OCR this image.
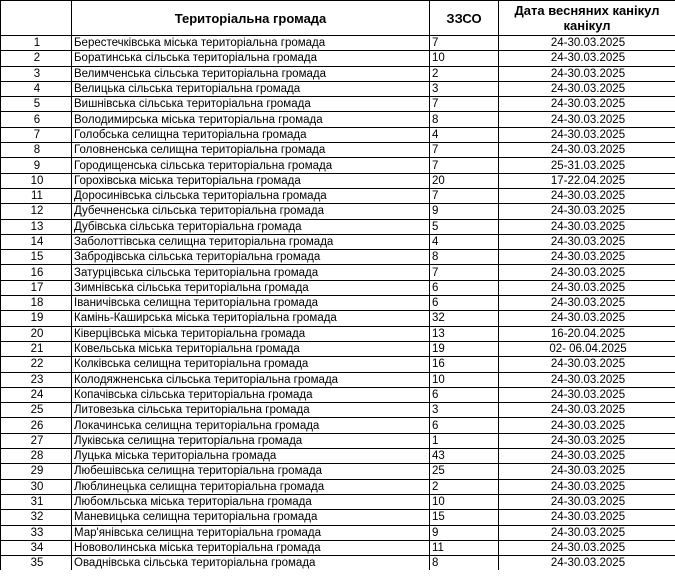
	Територіальна громада	ЗЗСО	Дата весняних канікул канікул
1	Берестечківська міська територіальна громада	7	24-30.03.2025
2	Боратинська сільська територіальна громада	10	24-30.03.2025
3	Велимченська сільська територіальна громада	2	24-30.03.2025
4	Велицька сільська територіальна громада	3	24-30.03.2025
5	Вишнівська сільська територіальна громада	7	24-30.03.2025
6	Володимирська міська територіальна громада	8	24-30.03.2025
7	Голобська селищна територіальна громада	4	24-30.03.2025
8	Головненська селищна територіальна громада	7	24-30.03.2025
9	Городищенська сільська територіальна громада	7	25-31.03.2025
10	Горохівська міська територіальна громада	20	17-22.04.2025
11	Доросинівська сільська територіальна громада	7	24-30.03.2025
12	Дубечненська сільська територіальна громада	9	24-30.03.2025
13	Дубівська сільська територіальна громада	5	24-30.03.2025
14	Заболоттівська селищна територіальна громада	4	24-30.03.2025
15	Забродівська сільська територіальна громада	8	24-30.03.2025
16	Затурцівська сільська територіальна громада	7	24-30.03.2025
17	Зимнівська сільська територіальна громада	6	24-30.03.2025
18	Іваничівська селищна територіальна громада	6	24-30.03.2025
19	Камінь-Каширська міська територіальна громада	32	24-30.03.2025
20	Ківерцівська міська територіальна громада	13	16-20.04.2025
21	Ковельська міська територіальна громада	19	02- 06.04.2025
22	Колківська селищна територіальна громада	16	24-30.03.2025
23	Колодяжненська сільська територіальна громада	10	24-30.03.2025
24	Копачівська сільська територіальна громада	6	24-30.03.2025
25	Литовезька сільська територіальна громада	3	24-30.03.2025
26	Локачинська селищна територіальна громада	6	24-30.03.2025
27	Луківська селищна територіальна громада	1	24-30.03.2025
28	Луцька міська територіальна громада	43	24-30.03.2025
29	Любешівська селищна територіальна громада	25	24-30.03.2025
30	Люблинецька селищна територіальна громада	2	24-30.03.2025
31	Любомльська міська територіальна громада	10	24-30.03.2025
32	Маневицька селищна територіальна громада	15	24-30.03.2025
33	Мар'янівська селищна територіальна громада	9	24-30.03.2025
34	Нововолинська міська територіальна громада	11	24-30.03.2025
35	Оваднівська сільська територіальна громада	8	24-30.03.2025
